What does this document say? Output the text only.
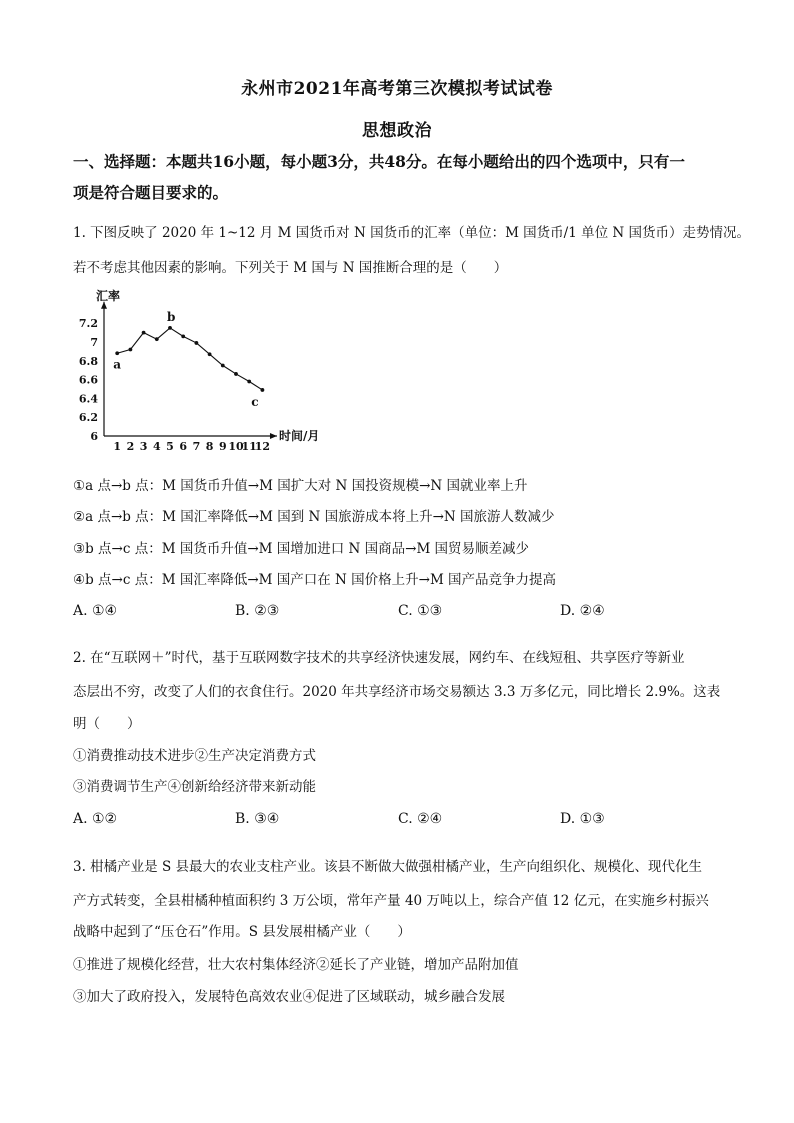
永州市2021年高考第三次模拟考试试卷
思想政治
一、选择题：本题共16小题，每小题3分，共48分。在每小题给出的四个选项中，只有一
项是符合题目要求的。
1. 下图反映了 2020 年 1~12 月 M 国货币对 N 国货币的汇率（单位：M 国货币/1 单位 N 国货币）走势情况。
若不考虑其他因素的影响。下列关于 M 国与 N 国推断合理的是（　　）
汇率
时间/月
6
6.2
6.4
6.6
6.8
7
7.2
1 2 3 4 5 6 7 8 9 10
11
12
a
b
c
①a 点→b 点：M 国货币升值→M 国扩大对 N 国投资规模→N 国就业率上升
②a 点→b 点：M 国汇率降低→M 国到 N 国旅游成本将上升→N 国旅游人数减少
③b 点→c 点：M 国货币升值→M 国增加进口 N 国商品→M 国贸易顺差减少
④b 点→c 点：M 国汇率降低→M 国产口在 N 国价格上升→M 国产品竞争力提高
A. ①④	B. ②③	C. ①③	D. ②④
2. 在“互联网＋”时代，基于互联网数字技术的共享经济快速发展，网约车、在线短租、共享医疗等新业
态层出不穷，改变了人们的衣食住行。2020 年共享经济市场交易额达 3.3 万多亿元，同比增长 2.9%。这表
明（　　）
①消费推动技术进步②生产决定消费方式
③消费调节生产④创新给经济带来新动能
A. ①②	B. ③④	C. ②④	D. ①③
3. 柑橘产业是 S 县最大的农业支柱产业。该县不断做大做强柑橘产业，生产向组织化、规模化、现代化生
产方式转变，全县柑橘种植面积约 3 万公顷，常年产量 40 万吨以上，综合产值 12 亿元，在实施乡村振兴
战略中起到了“压仓石”作用。S 县发展柑橘产业（　　）
①推进了规模化经营，壮大农村集体经济②延长了产业链，增加产品附加值
③加大了政府投入，发展特色高效农业④促进了区域联动，城乡融合发展
